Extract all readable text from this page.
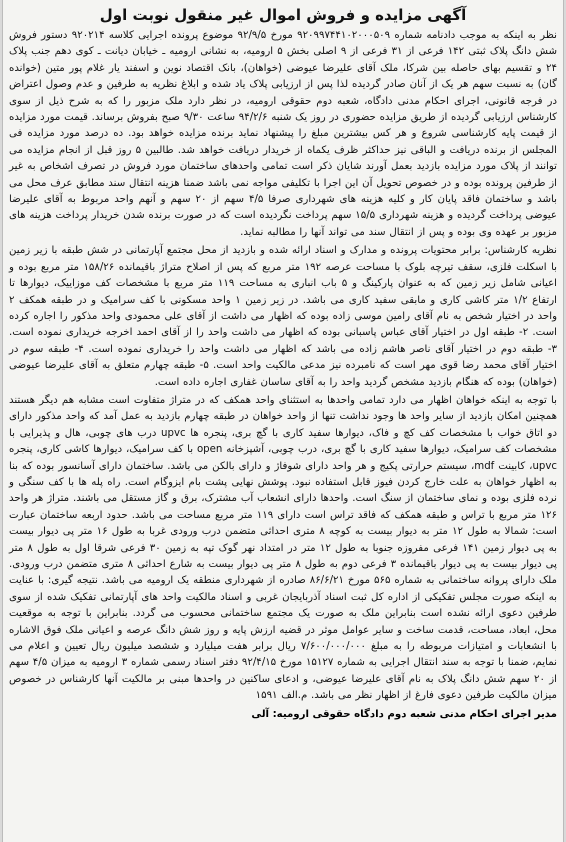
آگهی مزایده و فروش اموال غیر منقول نوبت اول

نظر به اینکه به موجب دادنامه شماره ۹۲۰۹۹۷۴۴۱۰۲۰۰۰۵۰۹ مورخ ۹۲/۹/۵ موضوع پرونده اجرایی کلاسه ۹۲۰۲۱۴ دستور فروش شش دانگ پلاک ثبتی ۱۴۲ فرعی از ۳۱ فرعی از ۹ اصلی بخش ۵ ارومیه، به نشانی ارومیه ـ خیابان دیانت ـ کوی دهم جنب پلاک ۲۴ و تقسیم بهای حاصله بین شرکا، ملک آقای علیرضا عیوضی (خواهان)، بانک اقتصاد نوین و اسفند یار غلام پور متین (خوانده گان) به نسبت سهم هر یک از آنان صادر گردیده لذا پس از ارزیابی پلاک یاد شده و ابلاغ نظریه به طرفین و عدم وصول اعتراض در فرجه قانونی، اجرای احکام مدنی دادگاه، شعبه دوم حقوقی ارومیه، در نظر دارد ملک مزبور را که به شرح ذیل از سوی کارشناس ارزیابی گردیده از طریق مزایده حضوری در روز یک شنبه ۹۴/۲/۶ ساعت ۹/۳۰ صبح بفروش برساند. قیمت مورد مزایده از قیمت پایه کارشناسی شروع و هر کس بیشترین مبلغ را پیشنهاد نماید برنده مزایده خواهد بود. ده درصد مورد مزایده فی المجلس از برنده دریافت و الباقی نیز حداکثر ظرف یکماه از خریدار دریافت خواهد شد. طالبین ۵ روز قبل از انجام مزایده می توانند از پلاک مورد مزایده بازدید بعمل آورند شایان ذکر است تمامی واحدهای ساختمان مورد فروش در تصرف اشخاص به غیر از طرفین پرونده بوده و در خصوص تحویل آن این اجرا با تکلیفی مواجه نمی باشد ضمنا هزینه انتقال سند مطابق عرف محل می باشد و ساختمان فاقد پایان کار و کلیه هزینه های شهرداری صرفا ۴/۵ سهم از ۲۰ سهم و آنهم واحد مربوط به آقای علیرضا عیوضی پرداخت گردیده و هزینه شهرداری ۱۵/۵ سهم پرداخت نگردیده است که در صورت برنده شدن خریدار پرداخت هزینه های مزبور بر عهده وی بوده و پس از انتقال سند می تواند آنها را مطالبه نماید.

نظریه کارشناس: برابر محتویات پرونده و مدارک و اسناد ارائه شده و بازدید از محل مجتمع آپارتمانی در شش طبقه با زیر زمین با اسکلت فلزی، سقف تیرچه بلوک با مساحت عرصه ۱۹۲ متر مربع که پس از اصلاح متراژ باقیمانده ۱۵۸/۲۶ متر مربع بوده و اعیانی شامل زیر زمین که به عنوان پارکینگ و ۵ باب انباری به مساحت ۱۱۹ متر مربع با مشخصات کف موزاییک، دیوارها تا ارتفاع ۱/۲ متر کاشی کاری و مابقی سفید کاری می باشد. در زیر زمین ۱ واحد مسکونی با کف سرامیک و در طبقه همکف ۲ واحد در اختیار شخص به نام آقای رامین موسی زاده بوده که اظهار می داشت از آقای علی محمودی واحد مذکور را اجاره کرده است. ۲- طبقه اول در اختیار آقای عباس پاسبانی بوده که اظهار می داشت واحد را از آقای احمد اخرجه خریداری نموده است. ۳- طبقه دوم در اختیار آقای ناصر هاشم زاده می باشد که اظهار می داشت واحد را خریداری نموده است. ۴- طبقه سوم در اختیار آقای محمد رضا قوی مهر است که نامبرده نیز مدعی مالکیت واحد است. ۵- طبقه چهارم متعلق به آقای علیرضا عیوضی (خواهان) بوده که هنگام بازدید مشخص گردید واحد را به آقای ساسان غفاری اجاره داده است.

با توجه به اینکه خواهان اظهار می دارد تمامی واحدها به استثنای واحد همکف که در متراژ متفاوت است مشابه هم دیگر هستند همچنین امکان بازدید از سایر واحد ها وجود نداشت تنها از واحد خواهان در طبقه چهارم بازدید به عمل آمد که واحد مذکور دارای دو اتاق خواب با مشخصات کف کچ و فاک، دیوارها سفید کاری با گچ بری، پنجره ها upvc درب های چوبی، هال و پذیرایی با مشخصات کف سرامیک، دیوارها سفید کاری با گچ بری، درب چوبی، آشپزخانه open با کف سرامیک، دیوارها کاشی کاری، پنجره upvc، کابینت mdf، سیستم حرارتی پکیج و هر واحد دارای شوفاژ و دارای بالکن می باشد. ساختمان دارای آسانسور بوده که بنا به اظهار خواهان به علت خارج کردن فیوز قابل استفاده نبود. پوشش نهایی پشت بام ایزوگام است. راه پله ها با کف سنگی و نرده فلزی بوده و نمای ساختمان از سنگ است. واحدها دارای انشعاب آب مشترک، برق و گاز مستقل می باشند. متراژ هر واحد ۱۲۶ متر مربع با تراس و طبقه همکف که فاقد تراس است دارای ۱۱۹ متر مربع مساحت می باشد. حدود اربعه ساختمان عبارت است: شمالا به طول ۱۲ متر به دیوار بیست به کوچه ۸ متری احداثی متضمن درب ورودی غربا به طول ۱۶ متر پی دیوار بیست به پی دیوار زمین ۱۴۱ فرعی مفروزه جنوبا به طول ۱۲ متر در امتداد نهر گوک تپه به زمین ۳۰ فرعی شرقا اول به طول ۸ متر پی دیوار بیست به پی دیوار باقیمانده ۳ فرعی دوم به طول ۸ متر پی دیوار بیست به شارع احداثی ۸ متری متضمن درب ورودی. ملک دارای پروانه ساختمانی به شماره ۵۶۵ مورخ ۸۶/۶/۲۱ صادره از شهرداری منطقه یک ارومیه می باشد. نتیجه گیری: با عنایت به اینکه صورت مجلس تفکیکی از اداره کل ثبت اسناد آذربایجان غربی و اسناد مالکیت واحد های آپارتمانی تفکیک شده از سوی طرفین دعوی ارائه نشده است بنابراین ملک به صورت یک مجتمع ساختمانی محسوب می گردد. بنابراین با توجه به موقعیت محل، ابعاد، مساحت، قدمت ساخت و سایر عوامل موثر در قضیه ارزش پایه و روز شش دانگ عرصه و اعیانی ملک فوق الاشاره با انشعابات و امتیازات مربوطه را به مبلغ ۷/۶۰۰/۰۰۰/۰۰۰ ریال برابر هفت میلیارد و ششصد میلیون ریال تعیین و اعلام می نمایم، ضمنا با توجه به سند انتقال اجرایی به شماره ۱۵۱۲۷ مورخ ۹۲/۴/۱۵ دفتر اسناد رسمی شماره ۳ ارومیه به میزان ۴/۵ سهم از ۲۰ سهم شش دانگ پلاک به نام آقای علیرضا عیوضی، و ادعای ساکنین در واحدها مبنی بر مالکیت آنها کارشناس در خصوص میزان مالکیت طرفین دعوی فارغ از اظهار نظر می باشد. م.الف ۱۵۹۱

مدیر اجرای احکام مدنی شعبه دوم دادگاه حقوقی ارومیه: آلی
